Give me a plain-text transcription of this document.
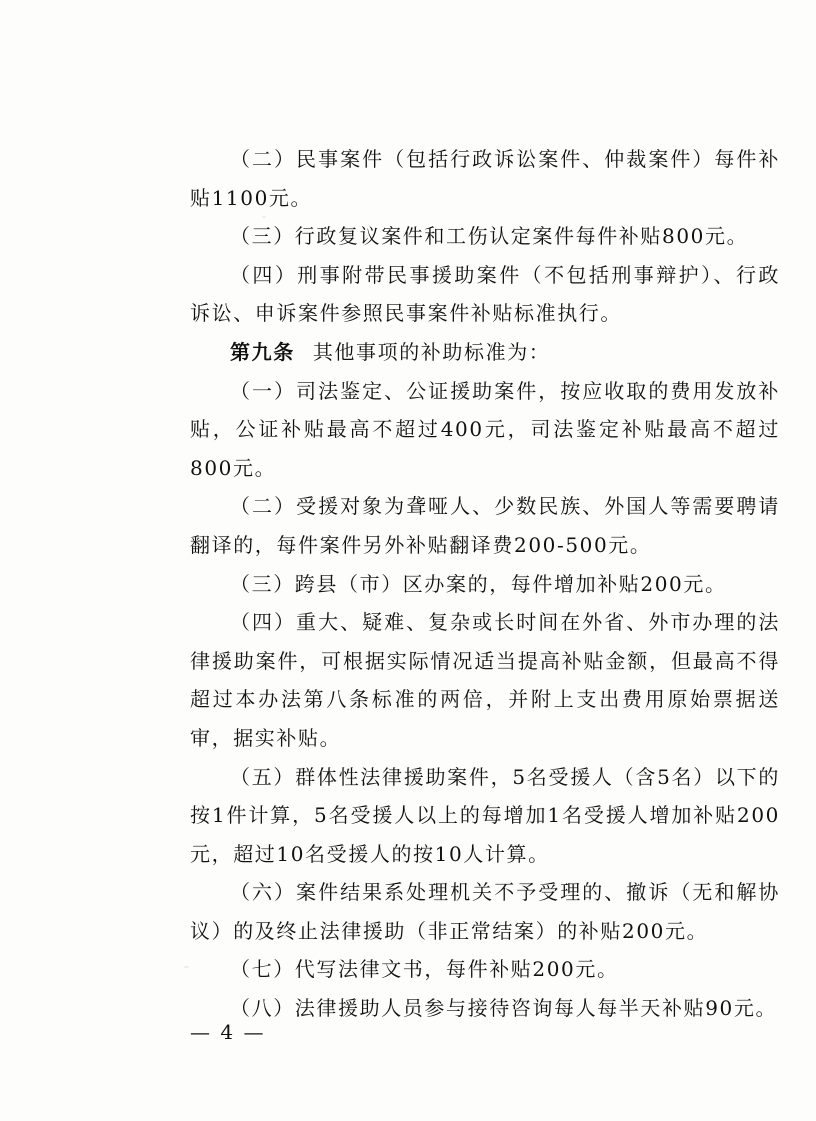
（二）民事案件（包括行政诉讼案件、仲裁案件）每件补贴1100元。

（三）行政复议案件和工伤认定案件每件补贴800元。

（四）刑事附带民事援助案件（不包括刑事辩护）、行政诉讼、申诉案件参照民事案件补贴标准执行。

第九条 其他事项的补助标准为：

（一）司法鉴定、公证援助案件，按应收取的费用发放补贴，公证补贴最高不超过400元，司法鉴定补贴最高不超过800元。

（二）受援对象为聋哑人、少数民族、外国人等需要聘请翻译的，每件案件另外补贴翻译费200-500元。

（三）跨县（市）区办案的，每件增加补贴200元。

（四）重大、疑难、复杂或长时间在外省、外市办理的法律援助案件，可根据实际情况适当提高补贴金额，但最高不得超过本办法第八条标准的两倍，并附上支出费用原始票据送审，据实补贴。

（五）群体性法律援助案件，5名受援人（含5名）以下的按1件计算，5名受援人以上的每增加1名受援人增加补贴200元，超过10名受援人的按10人计算。

（六）案件结果系处理机关不予受理的、撤诉（无和解协议）的及终止法律援助（非正常结案）的补贴200元。

（七）代写法律文书，每件补贴200元。

（八）法律援助人员参与接待咨询每人每半天补贴90元。

— 4 —
